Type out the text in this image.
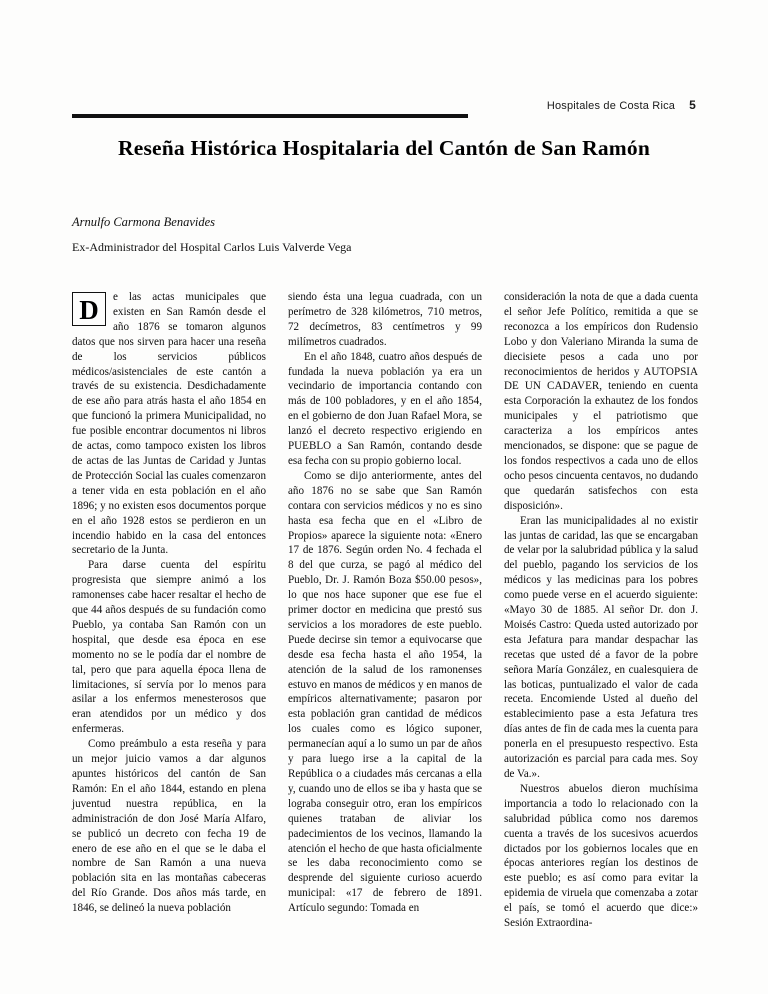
Hospitales de Costa Rica 5
Reseña Histórica Hospitalaria del Cantón de San Ramón
Arnulfo Carmona Benavides
Ex-Administrador del Hospital Carlos Luis Valverde Vega
D	e las actas municipales que existen en San Ramón desde el año 1876 se tomaron algunos datos que nos sirven para hacer una reseña de los servicios públicos médicos/asistenciales de este cantón a través de su existencia. Desdichadamente de ese año para atrás hasta el año 1854 en que funcionó la primera Municipalidad, no fue posible encontrar documentos ni libros de actas, como tampoco existen los libros de actas de las Juntas de Caridad y Juntas de Protección Social las cuales comenzaron a tener vida en esta población en el año 1896; y no existen esos documentos porque en el año 1928 estos se perdieron en un incendio habido en la casa del entonces secretario de la Junta.

Para darse cuenta del espíritu progresista que siempre animó a los ramonenses cabe hacer resaltar el hecho de que 44 años después de su fundación como Pueblo, ya contaba San Ramón con un hospital, que desde esa época en ese momento no se le podía dar el nombre de tal, pero que para aquella época llena de limitaciones, sí servía por lo menos para asilar a los enfermos menesterosos que eran atendidos por un médico y dos enfermeras.

Como preámbulo a esta reseña y para un mejor juicio vamos a dar algunos apuntes históricos del cantón de San Ramón: En el año 1844, estando en plena juventud nuestra república, en la administración de don José María Alfaro, se publicó un decreto con fecha 19 de enero de ese año en el que se le daba el nombre de San Ramón a una nueva población sita en las montañas cabeceras del Río Grande. Dos años más tarde, en 1846, se delineó la nueva población

siendo ésta una legua cuadrada, con un perímetro de 328 kilómetros, 710 metros, 72 decímetros, 83 centímetros y 99 milímetros cuadrados.

En el año 1848, cuatro años después de fundada la nueva población ya era un vecindario de importancia contando con más de 100 pobladores, y en el año 1854, en el gobierno de don Juan Rafael Mora, se lanzó el decreto respectivo erigiendo en PUEBLO a San Ramón, contando desde esa fecha con su propio gobierno local.

Como se dijo anteriormente, antes del año 1876 no se sabe que San Ramón contara con servicios médicos y no es sino hasta esa fecha que en el «Libro de Propios» aparece la siguiente nota: «Enero 17 de 1876. Según orden No. 4 fechada el 8 del que curza, se pagó al médico del Pueblo, Dr. J. Ramón Boza $50.00 pesos», lo que nos hace suponer que ese fue el primer doctor en medicina que prestó sus servicios a los moradores de este pueblo. Puede decirse sin temor a equivocarse que desde esa fecha hasta el año 1954, la atención de la salud de los ramonenses estuvo en manos de médicos y en manos de empíricos alternativamente; pasaron por esta población gran cantidad de médicos los cuales como es lógico suponer, permanecían aquí a lo sumo un par de años y para luego irse a la capital de la República o a ciudades más cercanas a ella y, cuando uno de ellos se iba y hasta que se lograba conseguir otro, eran los empíricos quienes trataban de aliviar los padecimientos de los vecinos, llamando la atención el hecho de que hasta oficialmente se les daba reconocimiento como se desprende del siguiente curioso acuerdo municipal: «17 de febrero de 1891. Artículo segundo: Tomada en

consideración la nota de que a dada cuenta el señor Jefe Político, remitida a que se reconozca a los empíricos don Rudensio Lobo y don Valeriano Miranda la suma de diecisiete pesos a cada uno por reconocimientos de heridos y AUTOPSIA DE UN CADAVER, teniendo en cuenta esta Corporación la exhautez de los fondos municipales y el patriotismo que caracteriza a los empíricos antes mencionados, se dispone: que se pague de los fondos respectivos a cada uno de ellos ocho pesos cincuenta centavos, no dudando que quedarán satisfechos con esta disposición».

Eran las municipalidades al no existir las juntas de caridad, las que se encargaban de velar por la salubridad pública y la salud del pueblo, pagando los servicios de los médicos y las medicinas para los pobres como puede verse en el acuerdo siguiente: «Mayo 30 de 1885. Al señor Dr. don J. Moisés Castro: Queda usted autorizado por esta Jefatura para mandar despachar las recetas que usted dé a favor de la pobre señora María González, en cualesquiera de las boticas, puntualizado el valor de cada receta. Encomiende Usted al dueño del establecimiento pase a esta Jefatura tres días antes de fin de cada mes la cuenta para ponerla en el presupuesto respectivo. Esta autorización es parcial para cada mes. Soy de Va.».

Nuestros abuelos dieron muchísima importancia a todo lo relacionado con la salubridad pública como nos daremos cuenta a través de los sucesivos acuerdos dictados por los gobiernos locales que en épocas anteriores regían los destinos de este pueblo; es así como para evitar la epidemia de viruela que comenzaba a zotar el país, se tomó el acuerdo que dice:» Sesión Extraordina-
